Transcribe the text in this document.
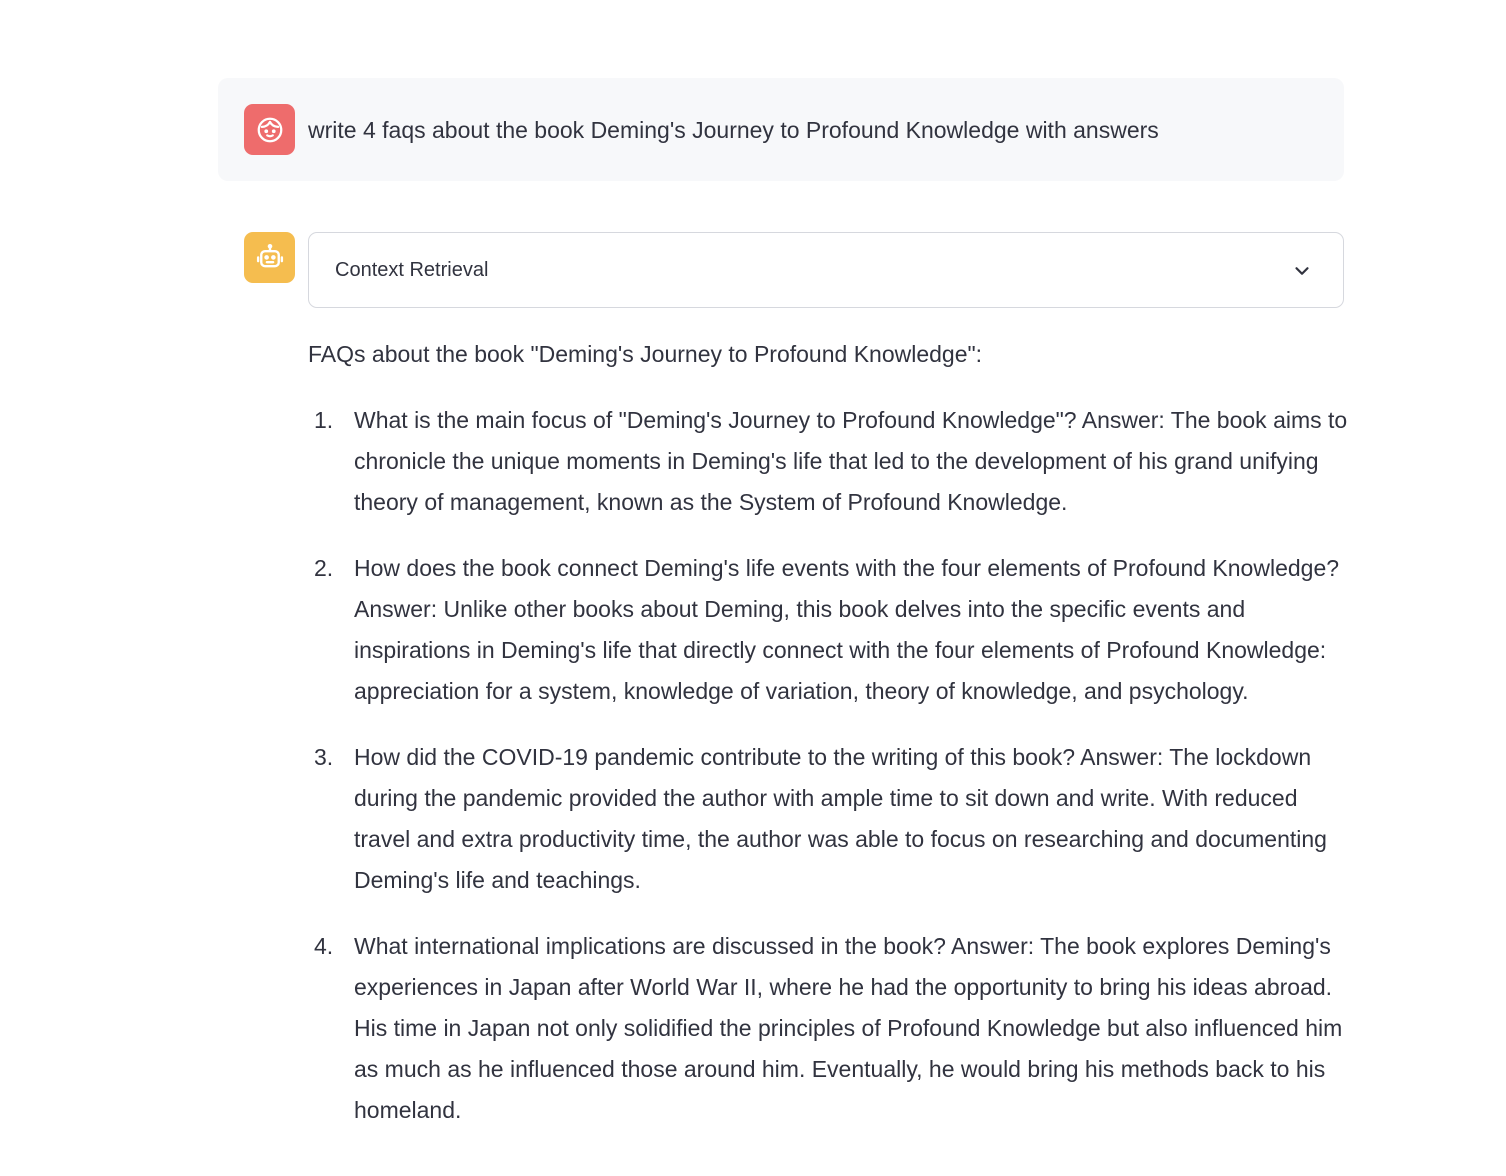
write 4 faqs about the book Deming's Journey to Profound Knowledge with answers
Context Retrieval

FAQs about the book "Deming's Journey to Profound Knowledge":

1. What is the main focus of "Deming's Journey to Profound Knowledge"? Answer: The book aims to chronicle the unique moments in Deming's life that led to the development of his grand unifying theory of management, known as the System of Profound Knowledge.
2. How does the book connect Deming's life events with the four elements of Profound Knowledge? Answer: Unlike other books about Deming, this book delves into the specific events and inspirations in Deming's life that directly connect with the four elements of Profound Knowledge: appreciation for a system, knowledge of variation, theory of knowledge, and psychology.
3. How did the COVID-19 pandemic contribute to the writing of this book? Answer: The lockdown during the pandemic provided the author with ample time to sit down and write. With reduced travel and extra productivity time, the author was able to focus on researching and documenting Deming's life and teachings.
4. What international implications are discussed in the book? Answer: The book explores Deming's experiences in Japan after World War II, where he had the opportunity to bring his ideas abroad. His time in Japan not only solidified the principles of Profound Knowledge but also influenced him as much as he influenced those around him. Eventually, he would bring his methods back to his homeland.
